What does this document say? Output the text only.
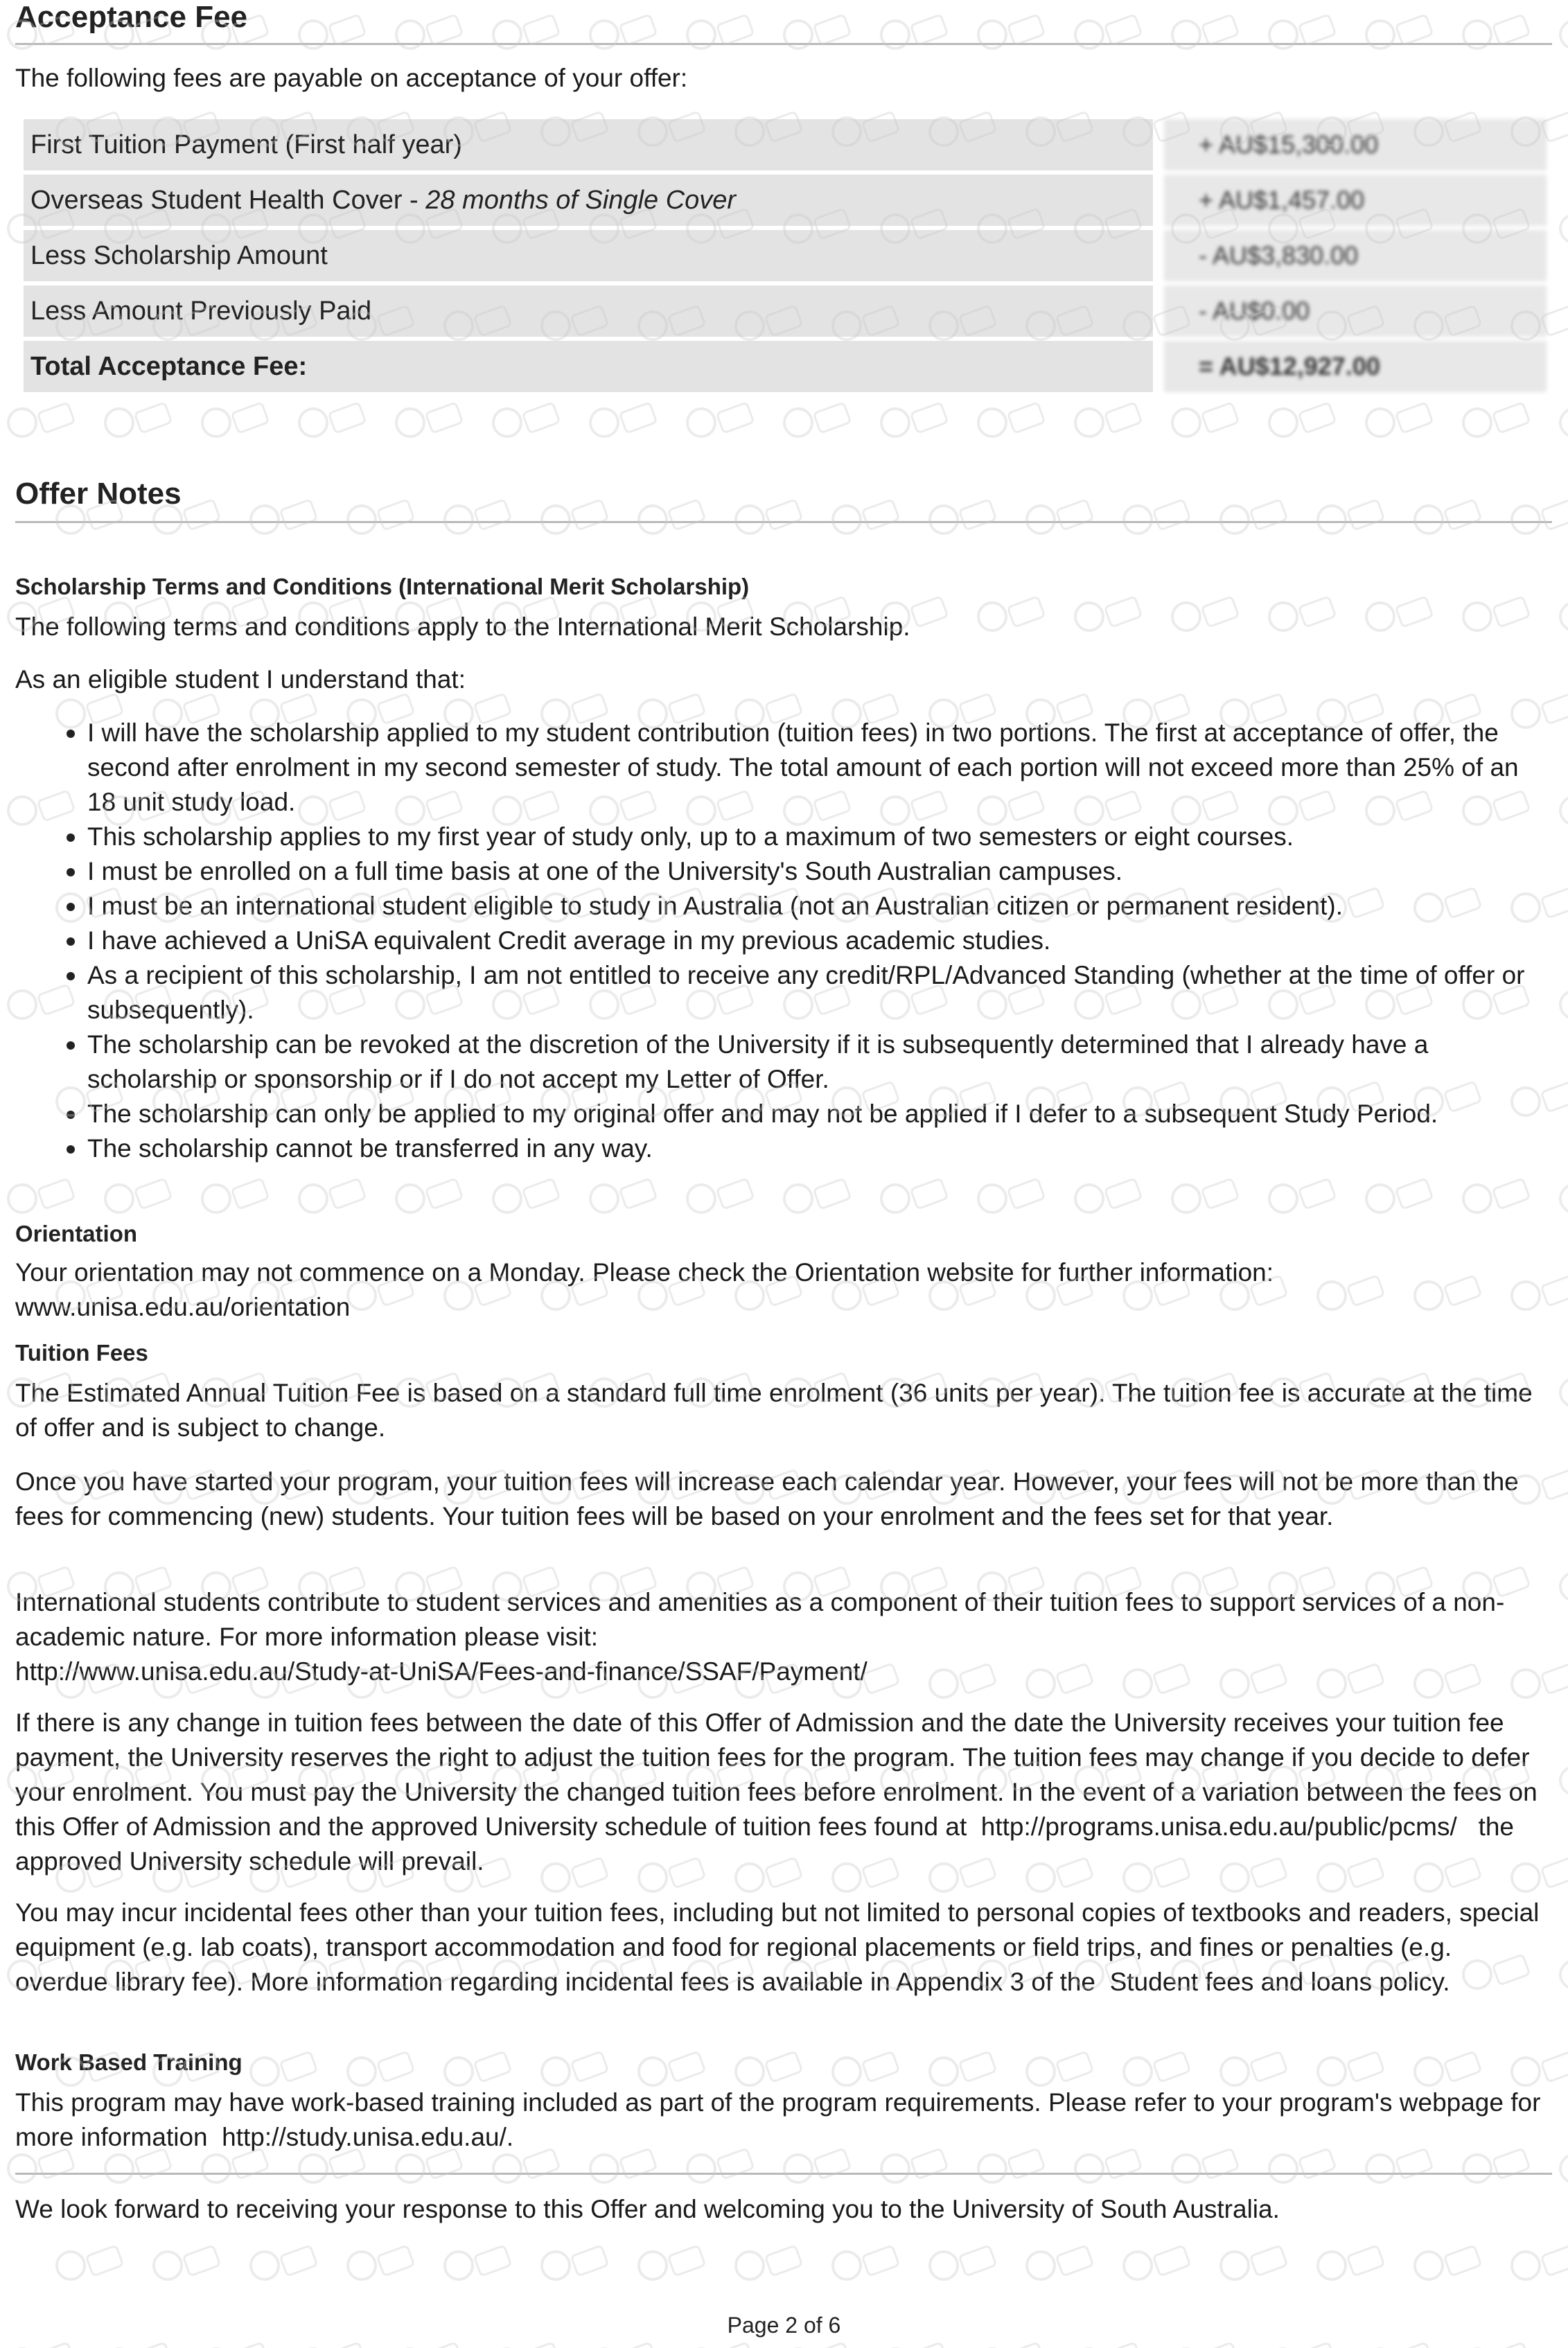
Acceptance Fee

The following fees are payable on acceptance of your offer:

First Tuition Payment (First half year)	+ AU$15,300.00
Overseas Student Health Cover - 28 months of Single Cover	+ AU$1,457.00
Less Scholarship Amount	- AU$3,830.00
Less Amount Previously Paid	- AU$0.00
Total Acceptance Fee:	= AU$12,927.00
Offer Notes
Scholarship Terms and Conditions (International Merit Scholarship)

The following terms and conditions apply to the International Merit Scholarship.

As an eligible student I understand that:

I will have the scholarship applied to my student contribution (tuition fees) in two portions. The first at acceptance of offer, the second after enrolment in my second semester of study. The total amount of each portion will not exceed more than 25% of an 18 unit study load.
This scholarship applies to my first year of study only, up to a maximum of two semesters or eight courses.
I must be enrolled on a full time basis at one of the University's South Australian campuses.
I must be an international student eligible to study in Australia (not an Australian citizen or permanent resident).
I have achieved a UniSA equivalent Credit average in my previous academic studies.
As a recipient of this scholarship, I am not entitled to receive any credit/RPL/Advanced Standing (whether at the time of offer or subsequently).
The scholarship can be revoked at the discretion of the University if it is subsequently determined that I already have a scholarship or sponsorship or if I do not accept my Letter of Offer.
The scholarship can only be applied to my original offer and may not be applied if I defer to a subsequent Study Period.
The scholarship cannot be transferred in any way.
Orientation

Your orientation may not commence on a Monday. Please check the Orientation website for further information:
www.unisa.edu.au/orientation

Tuition Fees

The Estimated Annual Tuition Fee is based on a standard full time enrolment (36 units per year). The tuition fee is accurate at the time of offer and is subject to change.

Once you have started your program, your tuition fees will increase each calendar year. However, your fees will not be more than the fees for commencing (new) students. Your tuition fees will be based on your enrolment and the fees set for that year.

International students contribute to student services and amenities as a component of their tuition fees to support services of a non-academic nature. For more information please visit:
http://www.unisa.edu.au/Study-at-UniSA/Fees-and-finance/SSAF/Payment/

If there is any change in tuition fees between the date of this Offer of Admission and the date the University receives your tuition fee payment, the University reserves the right to adjust the tuition fees for the program. The tuition fees may change if you decide to defer your enrolment. You must pay the University the changed tuition fees before enrolment. In the event of a variation between the fees on this Offer of Admission and the approved University schedule of tuition fees found at http://programs.unisa.edu.au/public/pcms/ the approved University schedule will prevail.

You may incur incidental fees other than your tuition fees, including but not limited to personal copies of textbooks and readers, special equipment (e.g. lab coats), transport accommodation and food for regional placements or field trips, and fines or penalties (e.g. overdue library fee). More information regarding incidental fees is available in Appendix 3 of the Student fees and loans policy.

Work Based Training

This program may have work-based training included as part of the program requirements. Please refer to your program's webpage for more information http://study.unisa.edu.au/.

We look forward to receiving your response to this Offer and welcoming you to the University of South Australia.

Page 2 of 6
